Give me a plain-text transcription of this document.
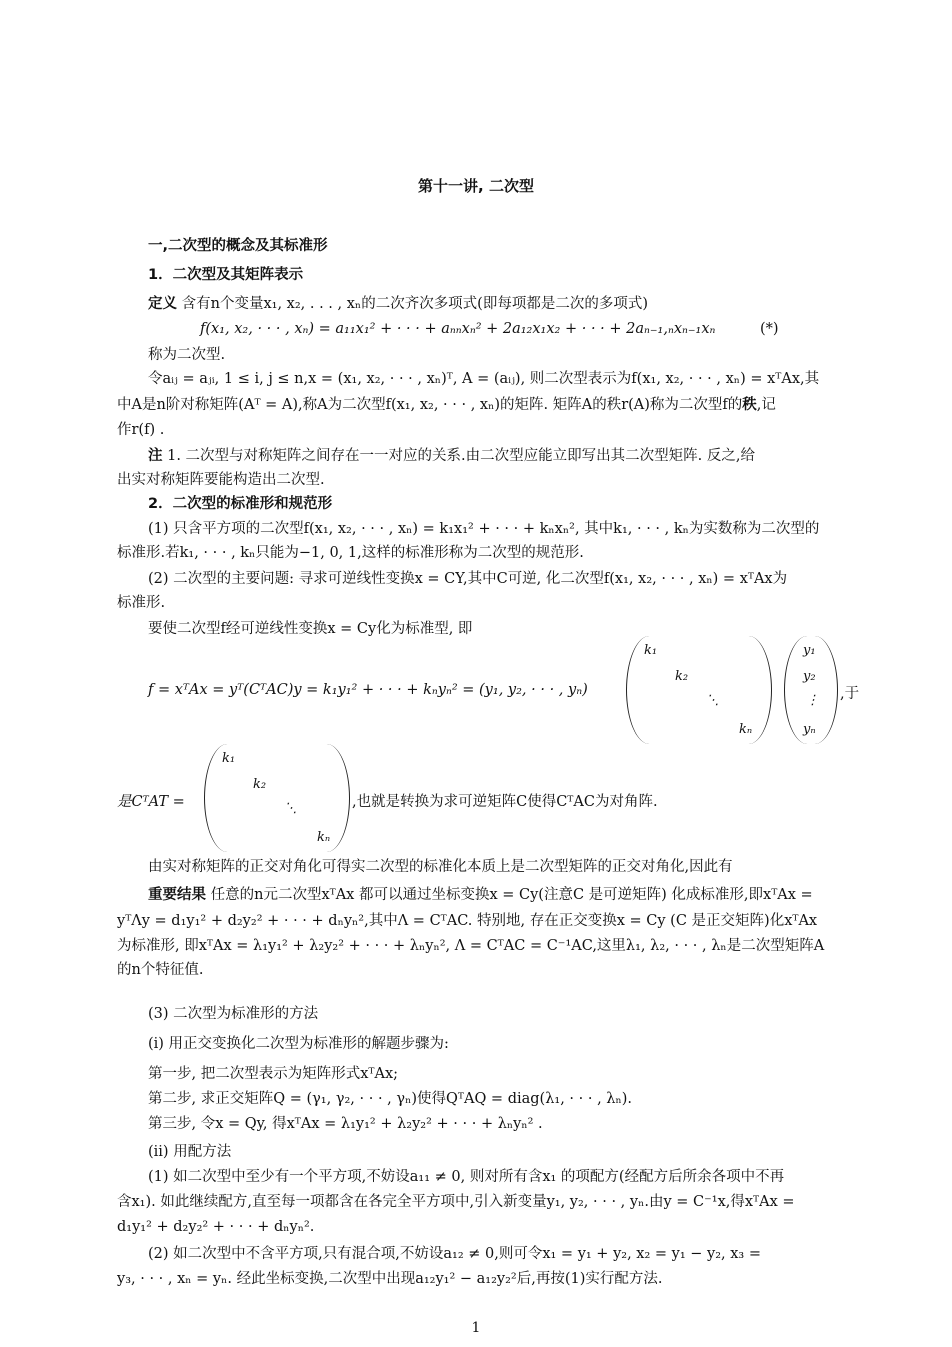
第十一讲, 二次型
一,二次型的概念及其标准形
1．二次型及其矩阵表示
定义 含有n个变量x₁, x₂, . . . , xₙ的二次齐次多项式(即每项都是二次的多项式)
f(x₁, x₂, · · · , xₙ) = a₁₁x₁² + · · · + aₙₙxₙ² + 2a₁₂x₁x₂ + · · · + 2aₙ₋₁,ₙxₙ₋₁xₙ	(*)
称为二次型.
令aᵢⱼ = aⱼᵢ, 1 ≤ i, j ≤ n,x = (x₁, x₂, · · · , xₙ)ᵀ, A = (aᵢⱼ), 则二次型表示为f(x₁, x₂, · · · , xₙ) = xᵀAx,其
中A是n阶对称矩阵(Aᵀ = A),称A为二次型f(x₁, x₂, · · · , xₙ)的矩阵. 矩阵A的秩r(A)称为二次型f的秩,记
作r(f) .
注 1. 二次型与对称矩阵之间存在一一对应的关系.由二次型应能立即写出其二次型矩阵. 反之,给
出实对称矩阵要能构造出二次型.
2．二次型的标准形和规范形
(1) 只含平方项的二次型f(x₁, x₂, · · · , xₙ) = k₁x₁² + · · · + kₙxₙ², 其中k₁, · · · , kₙ为实数称为二次型的
标准形.若k₁, · · · , kₙ只能为−1, 0, 1,这样的标准形称为二次型的规范形.
(2) 二次型的主要问题: 寻求可逆线性变换x = CY,其中C可逆, 化二次型f(x₁, x₂, · · · , xₙ) = xᵀAx为
标准形.
要使二次型f经可逆线性变换x = Cy化为标准型, 即
f = xᵀAx = yᵀ(CᵀAC)y = k₁y₁² + · · · + kₙyₙ² = (y₁, y₂, · · · , yₙ)
k₁
k₂
⋱
kₙ
y₁
y₂
⋮
yₙ
,于
是CᵀAT =
k₁
k₂
⋱
kₙ
,也就是转换为求可逆矩阵C使得CᵀAC为对角阵.
由实对称矩阵的正交对角化可得实二次型的标准化本质上是二次型矩阵的正交对角化,因此有
重要结果 任意的n元二次型xᵀAx 都可以通过坐标变换x = Cy(注意C 是可逆矩阵) 化成标准形,即xᵀAx =
yᵀΛy = d₁y₁² + d₂y₂² + · · · + dₙyₙ²,其中Λ = CᵀAC. 特别地, 存在正交变换x = Cy (C 是正交矩阵)化xᵀAx
为标准形, 即xᵀAx = λ₁y₁² + λ₂y₂² + · · · + λₙyₙ², Λ = CᵀAC = C⁻¹AC,这里λ₁, λ₂, · · · , λₙ是二次型矩阵A
的n个特征值.
(3) 二次型为标准形的方法
(i) 用正交变换化二次型为标准形的解题步骤为:
第一步, 把二次型表示为矩阵形式xᵀAx;
第二步, 求正交矩阵Q = (γ₁, γ₂, · · · , γₙ)使得QᵀAQ = diag(λ₁, · · · , λₙ).
第三步, 令x = Qy, 得xᵀAx = λ₁y₁² + λ₂y₂² + · · · + λₙyₙ² .
(ii) 用配方法
(1) 如二次型中至少有一个平方项,不妨设a₁₁ ≠ 0, 则对所有含x₁ 的项配方(经配方后所余各项中不再
含x₁). 如此继续配方,直至每一项都含在各完全平方项中,引入新变量y₁, y₂, · · · , yₙ.由y = C⁻¹x,得xᵀAx =
d₁y₁² + d₂y₂² + · · · + dₙyₙ².
(2) 如二次型中不含平方项,只有混合项,不妨设a₁₂ ≠ 0,则可令x₁ = y₁ + y₂, x₂ = y₁ − y₂, x₃ =
y₃, · · · , xₙ = yₙ. 经此坐标变换,二次型中出现a₁₂y₁² − a₁₂y₂²后,再按(1)实行配方法.
1
